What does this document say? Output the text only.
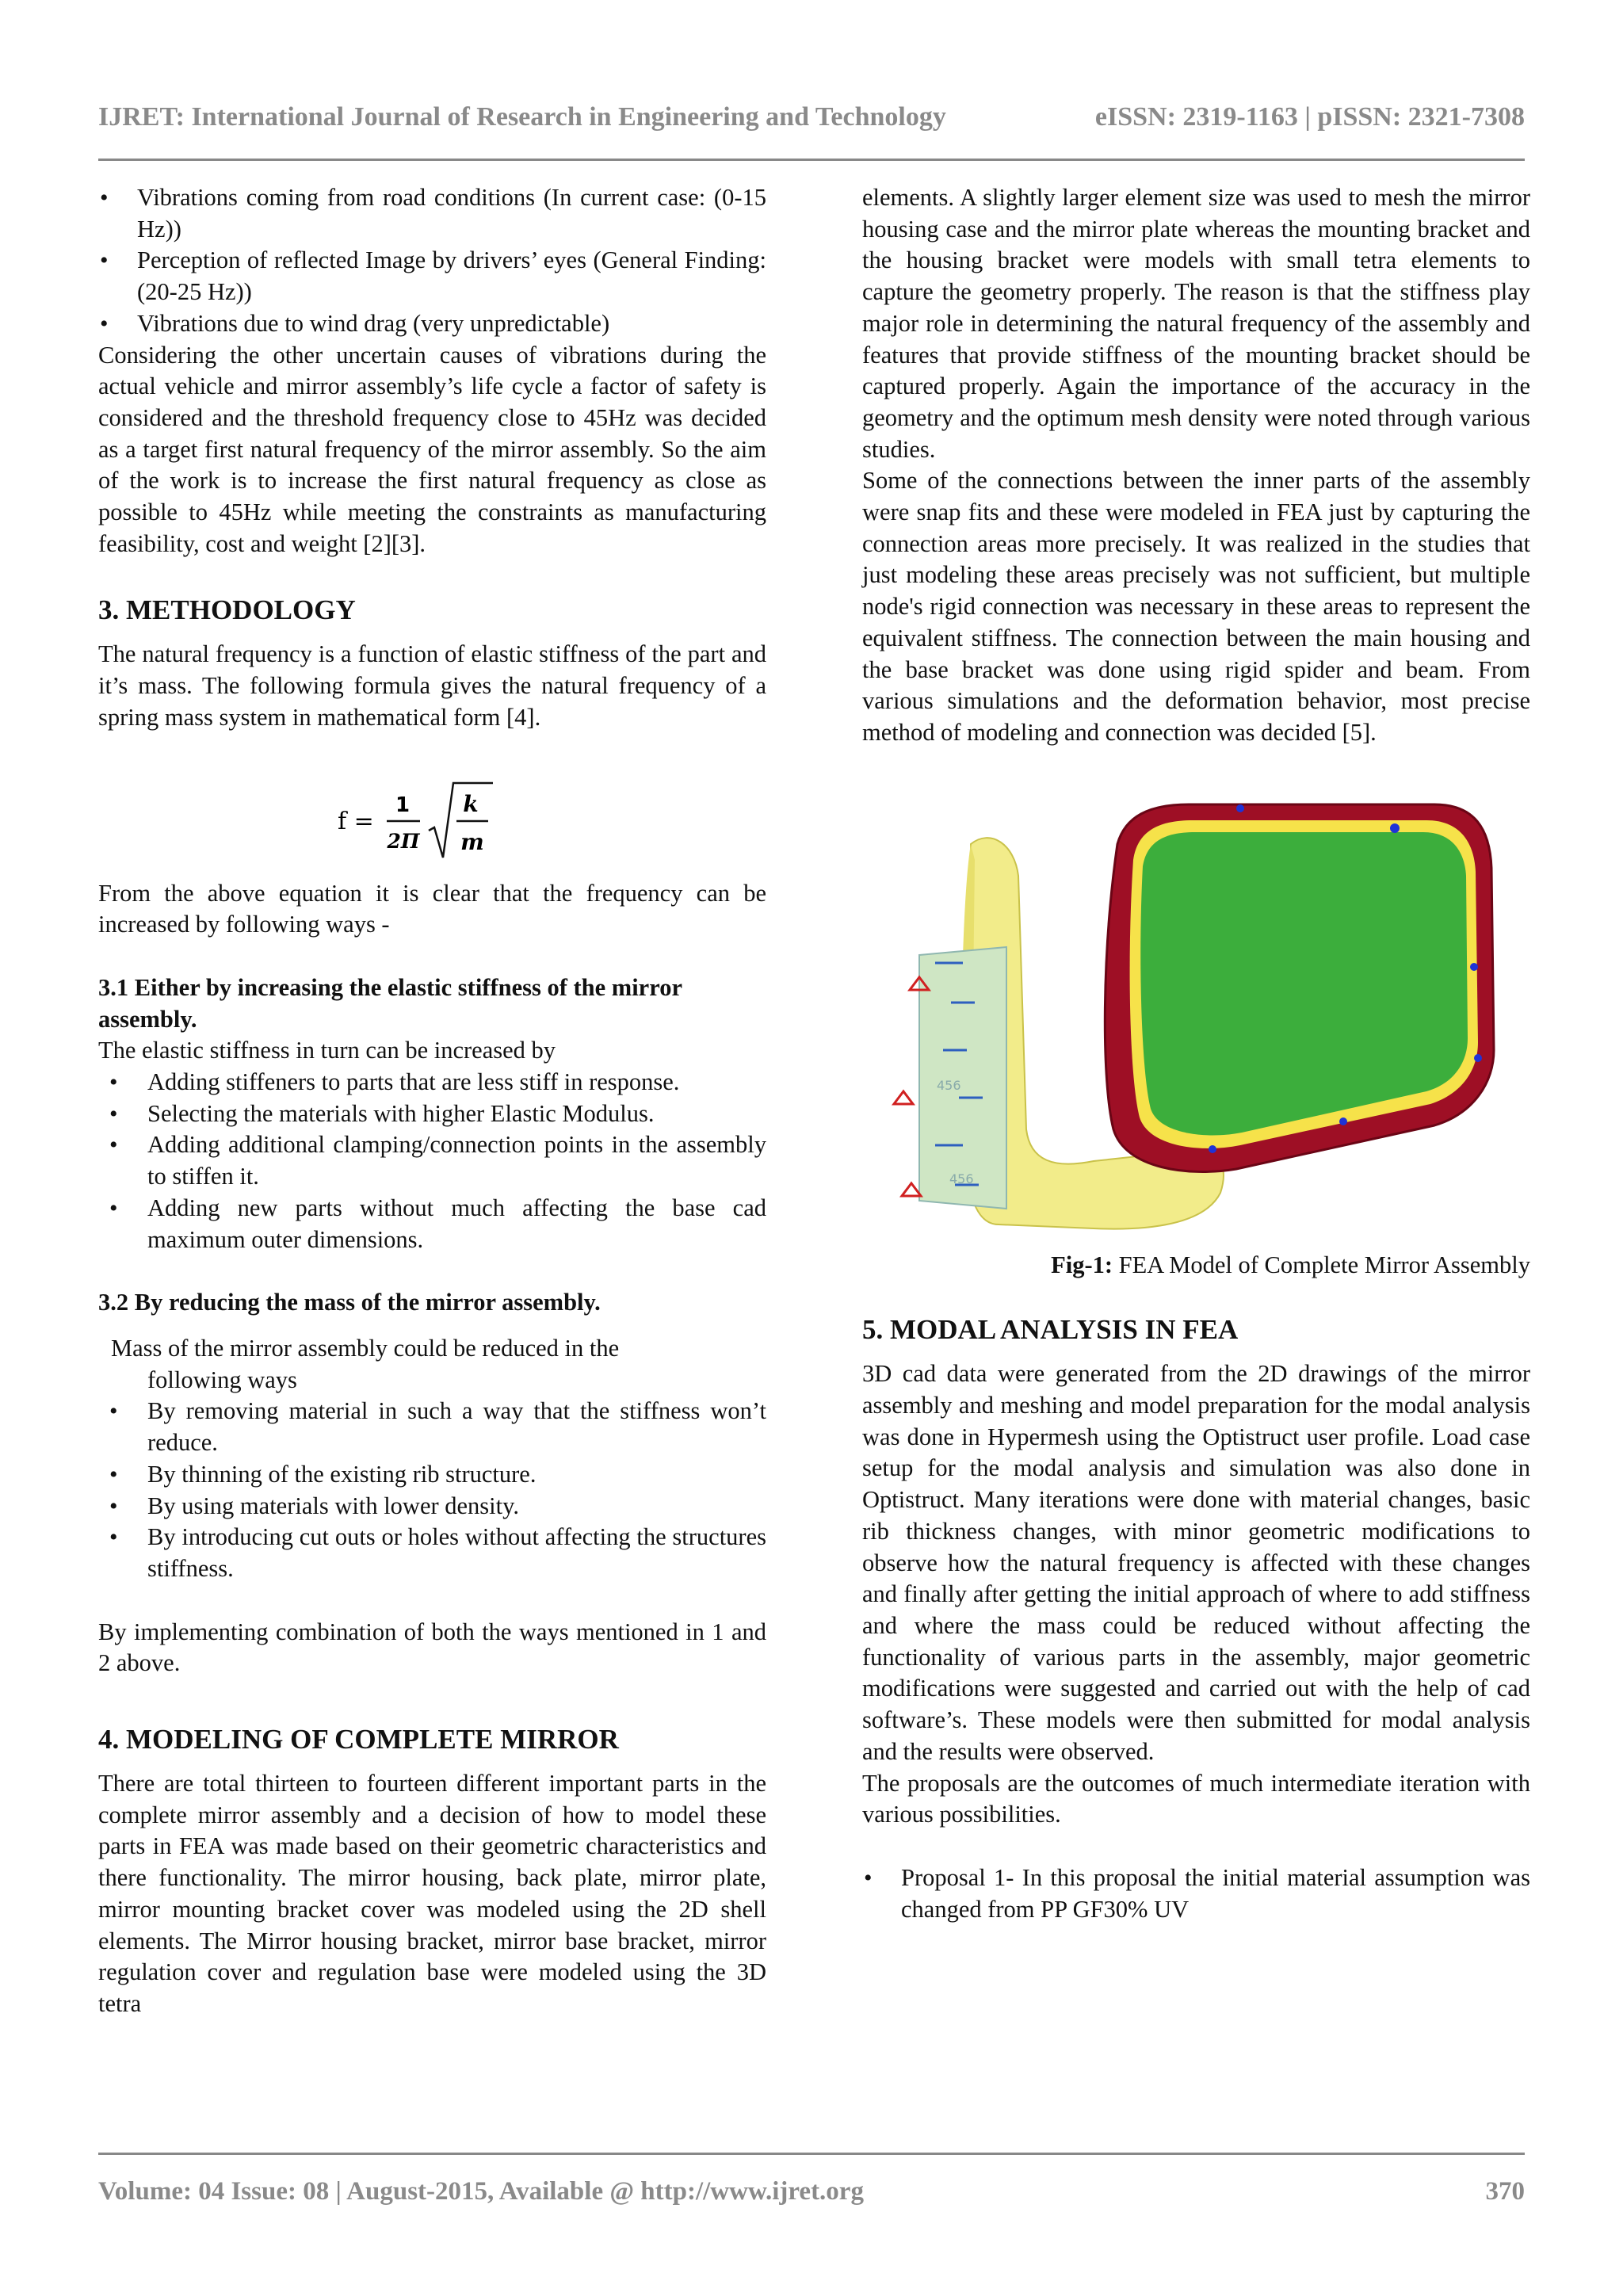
IJRET: International Journal of Research in Engineering and Technology	eISSN: 2319-1163 | pISSN: 2321-7308
• Vibrations coming from road conditions (In current case: (0-15 Hz))
• Perception of reflected Image by drivers’ eyes (General Finding: (20-25 Hz))
• Vibrations due to wind drag (very unpredictable)

Considering the other uncertain causes of vibrations during the actual vehicle and mirror assembly’s life cycle a factor of safety is considered and the threshold frequency close to 45Hz was decided as a target first natural frequency of the mirror assembly. So the aim of the work is to increase the first natural frequency as close as possible to 45Hz while meeting the constraints as manufacturing feasibility, cost and weight [2][3].

3. METHODOLOGY

The natural frequency is a function of elastic stiffness of the part and it’s mass. The following formula gives the natural frequency of a spring mass system in mathematical form [4].

f =
1
2Π
k
m

From the above equation it is clear that the frequency can be increased by following ways -

3.1 Either by increasing the elastic stiffness of the mirror assembly.

The elastic stiffness in turn can be increased by

• Adding stiffeners to parts that are less stiff in response.
• Selecting the materials with higher Elastic Modulus.
• Adding additional clamping/connection points in the assembly to stiffen it.
• Adding new parts without much affecting the base cad maximum outer dimensions.

3.2 By reducing the mass of the mirror assembly.

Mass of the mirror assembly could be reduced in the

following ways

• By removing material in such a way that the stiffness won’t reduce.
• By thinning of the existing rib structure.
• By using materials with lower density.
• By introducing cut outs or holes without affecting the structures stiffness.

By implementing combination of both the ways mentioned in 1 and 2 above.

4. MODELING OF COMPLETE MIRROR

There are total thirteen to fourteen different important parts in the complete mirror assembly and a decision of how to model these parts in FEA was made based on their geometric characteristics and there functionality. The mirror housing, back plate, mirror plate, mirror mounting bracket cover was modeled using the 2D shell elements. The Mirror housing bracket, mirror base bracket, mirror regulation cover and regulation base were modeled using the 3D tetra

elements. A slightly larger element size was used to mesh the mirror housing case and the mirror plate whereas the mounting bracket and the housing bracket were models with small tetra elements to capture the geometry properly. The reason is that the stiffness play major role in determining the natural frequency of the assembly and features that provide stiffness of the mounting bracket should be captured properly. Again the importance of the accuracy in the geometry and the optimum mesh density were noted through various studies.

Some of the connections between the inner parts of the assembly were snap fits and these were modeled in FEA just by capturing the connection areas more precisely. It was realized in the studies that just modeling these areas precisely was not sufficient, but multiple node's rigid connection was necessary in these areas to represent the equivalent stiffness. The connection between the main housing and the base bracket was done using rigid spider and beam. From various simulations and the deformation behavior, most precise method of modeling and connection was decided [5].

456
456

Fig-1: FEA Model of Complete Mirror Assembly

5. MODAL ANALYSIS IN FEA

3D cad data were generated from the 2D drawings of the mirror assembly and meshing and model preparation for the modal analysis was done in Hypermesh using the Optistruct user profile. Load case setup for the modal analysis and simulation was also done in Optistruct. Many iterations were done with material changes, basic rib thickness changes, with minor geometric modifications to observe how the natural frequency is affected with these changes and finally after getting the initial approach of where to add stiffness and where the mass could be reduced without affecting the functionality of various parts in the assembly, major geometric modifications were suggested and carried out with the help of cad software’s. These models were then submitted for modal analysis and the results were observed.

The proposals are the outcomes of much intermediate iteration with various possibilities.

• Proposal 1- In this proposal the initial material assumption was changed from PP GF30% UV
Volume: 04 Issue: 08 | August-2015, Available @ http://www.ijret.org	370
